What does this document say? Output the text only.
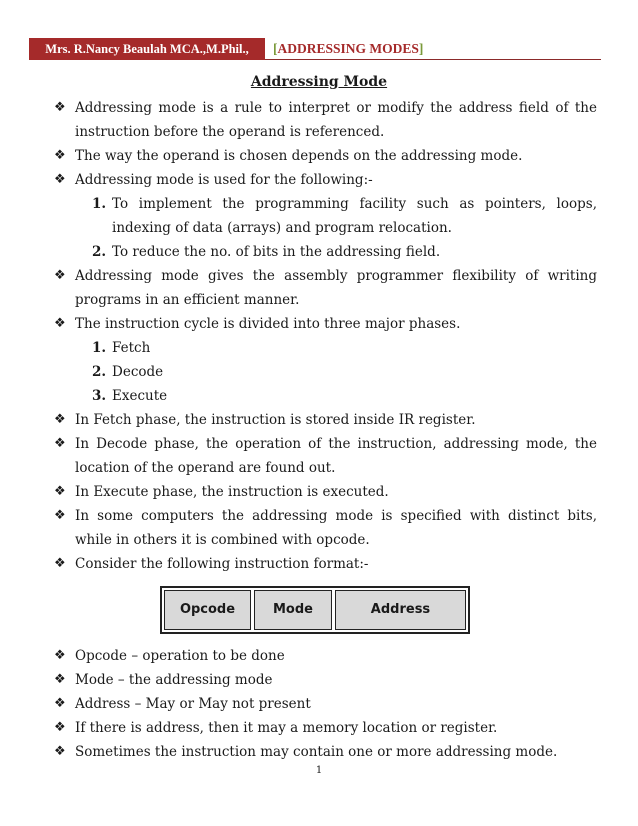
Mrs. R.Nancy Beaulah MCA.,M.Phil.,	[ADDRESSING MODES]
Addressing Mode
❖ Addressing mode is a rule to interpret or modify the address field of the instruction before the operand is referenced.
❖ The way the operand is chosen depends on the addressing mode.
❖ Addressing mode is used for the following:-
1. To implement the programming facility such as pointers, loops, indexing of data (arrays) and program relocation.
2. To reduce the no. of bits in the addressing field.
❖ Addressing mode gives the assembly programmer flexibility of writing programs in an efficient manner.
❖ The instruction cycle is divided into three major phases.
1. Fetch
2. Decode
3. Execute
❖ In Fetch phase, the instruction is stored inside IR register.
❖ In Decode phase, the operation of the instruction, addressing mode, the location of the operand are found out.
❖ In Execute phase, the instruction is executed.
❖ In some computers the addressing mode is specified with distinct bits, while in others it is combined with opcode.
❖ Consider the following instruction format:-
Opcode	Mode	Address
❖ Opcode – operation to be done
❖ Mode – the addressing mode
❖ Address – May or May not present
❖ If there is address, then it may a memory location or register.
❖ Sometimes the instruction may contain one or more addressing mode.
1
